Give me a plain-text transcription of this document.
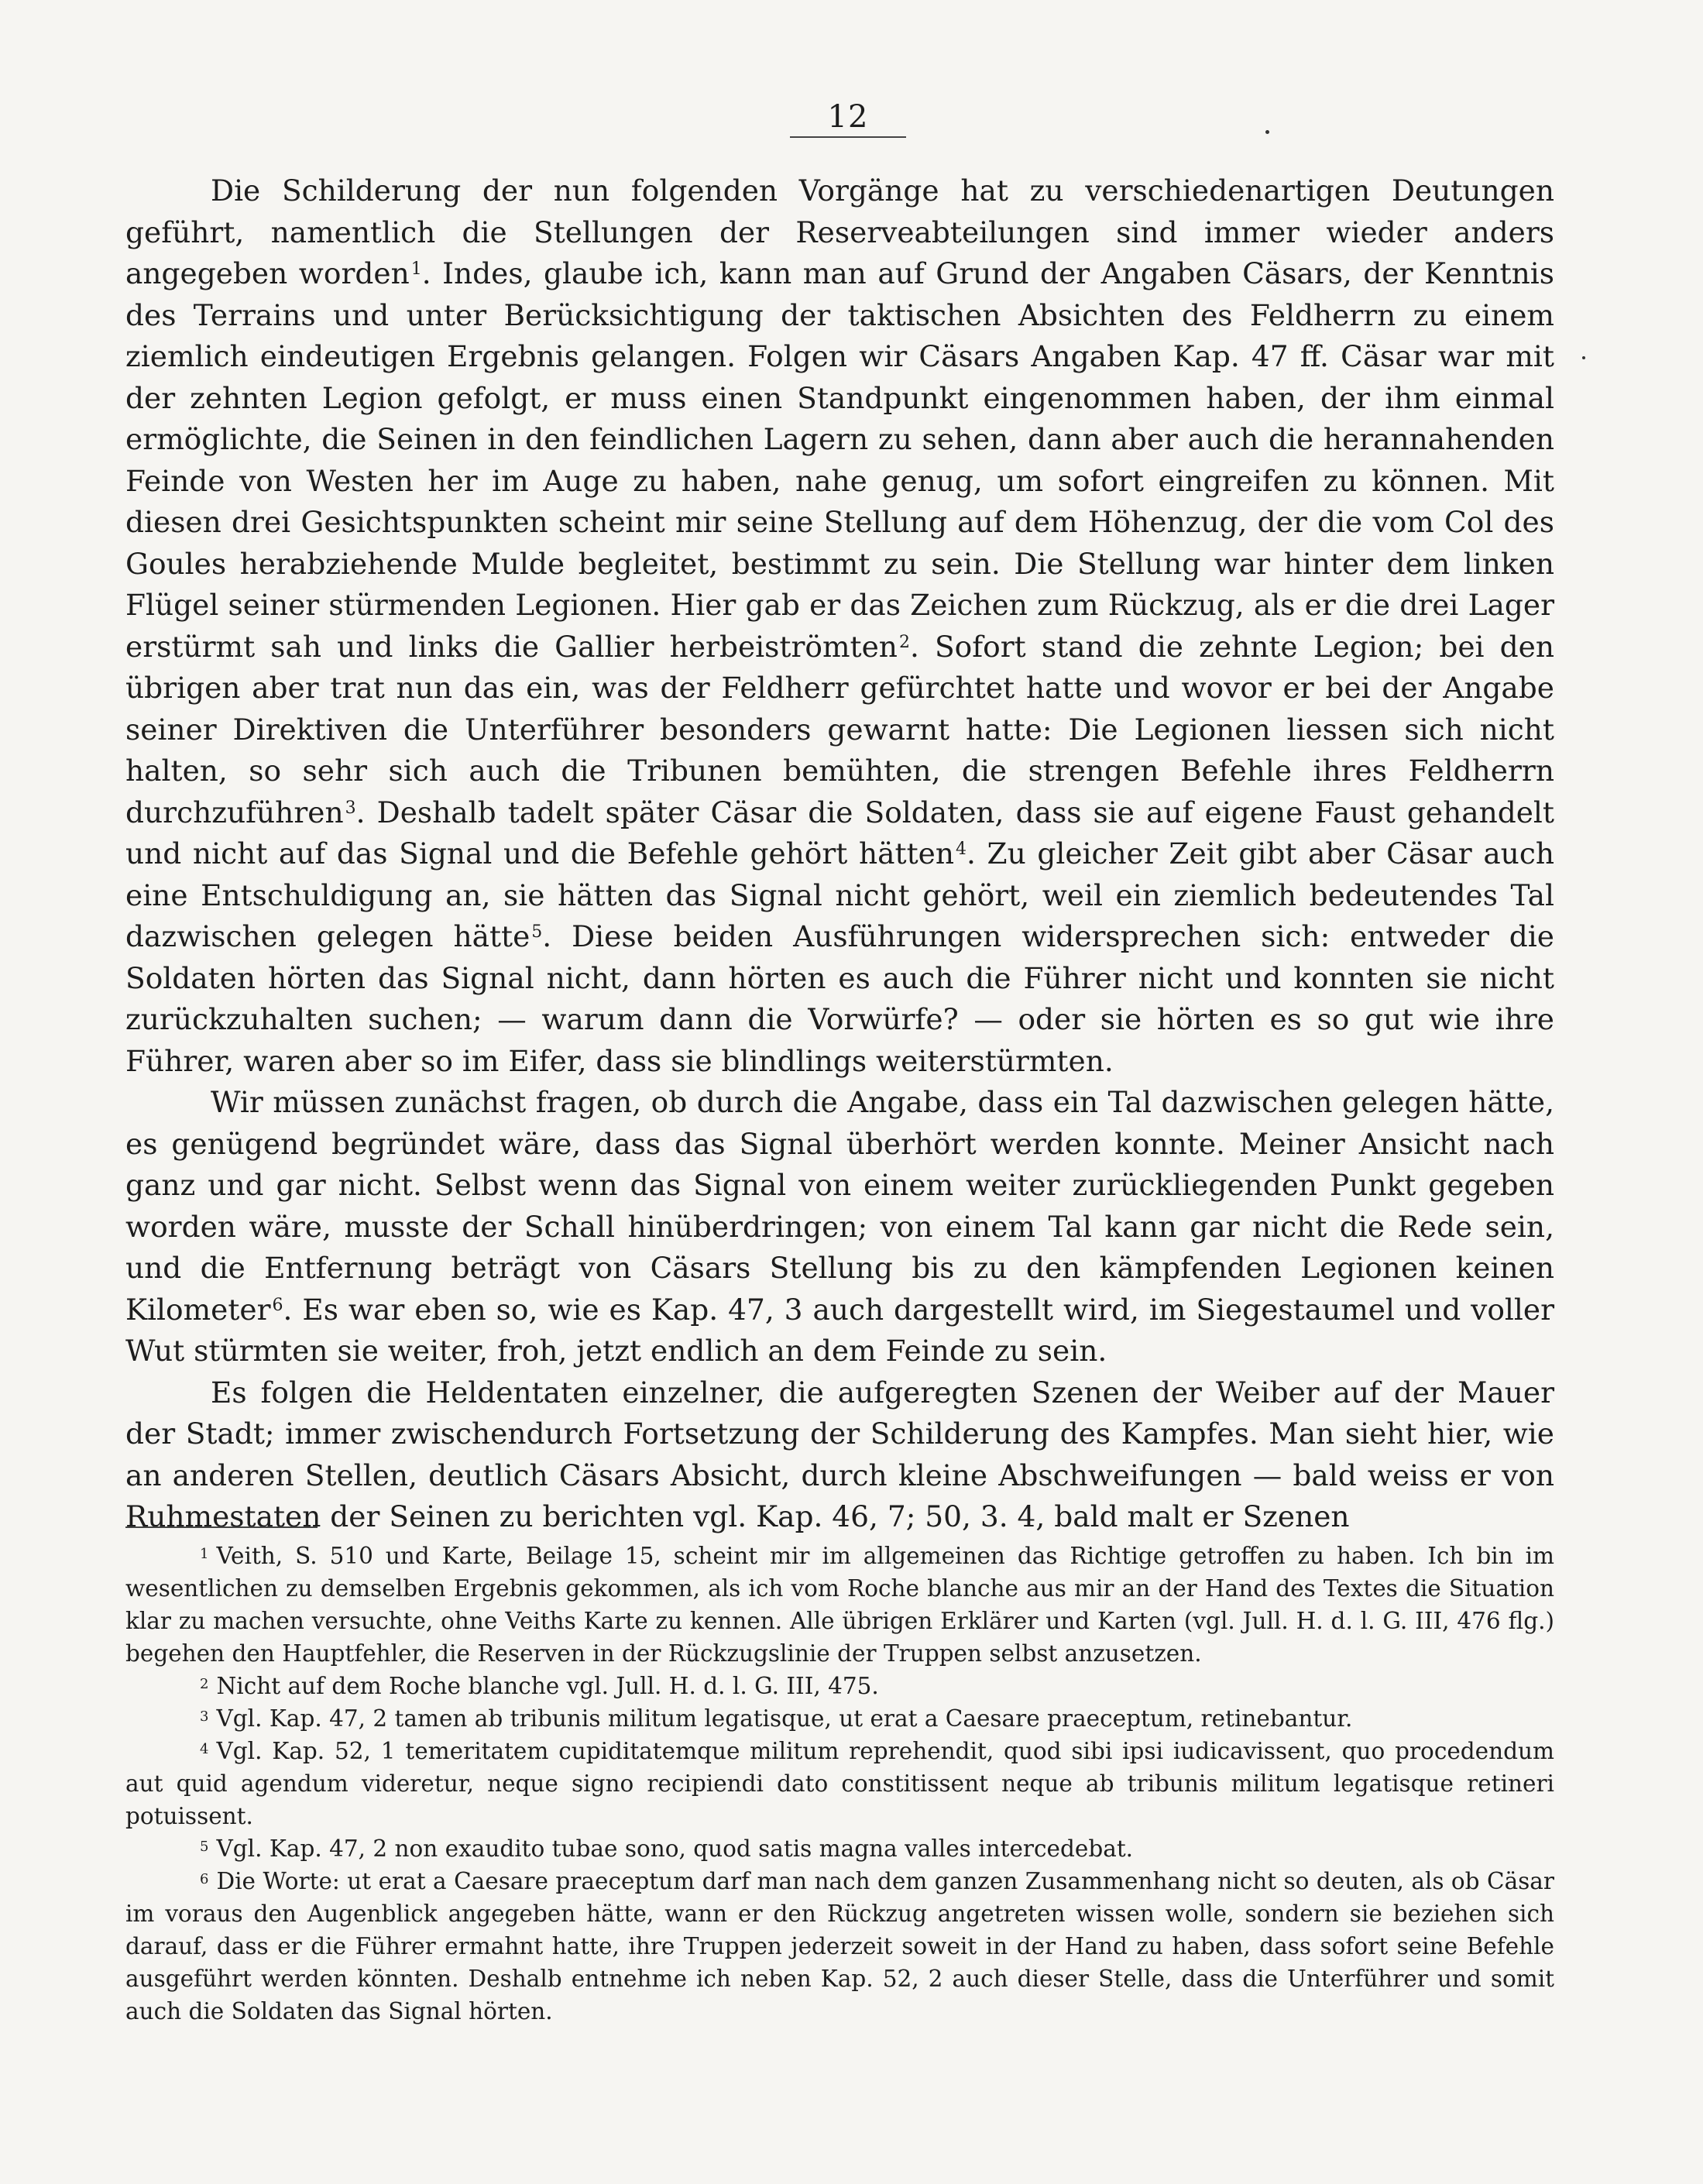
12

Die Schilderung der nun folgenden Vorgänge hat zu verschiedenartigen Deutungen geführt, namentlich die Stellungen der Reserveabteilungen sind immer wieder anders angegeben worden$^1$. Indes, glaube ich, kann man auf Grund der Angaben Cäsars, der Kenntnis des Terrains und unter Berücksichtigung der taktischen Absichten des Feldherrn zu einem ziemlich eindeutigen Ergebnis gelangen. Folgen wir Cäsars Angaben Kap. 47 ff. Cäsar war mit der zehnten Legion gefolgt, er muss einen Standpunkt eingenommen haben, der ihm einmal ermöglichte, die Seinen in den feindlichen Lagern zu sehen, dann aber auch die herannahenden Feinde von Westen her im Auge zu haben, nahe genug, um sofort eingreifen zu können. Mit diesen drei Gesichtspunkten scheint mir seine Stellung auf dem Höhenzug, der die vom Col des Goules herabziehende Mulde begleitet, bestimmt zu sein. Die Stellung war hinter dem linken Flügel seiner stürmenden Legionen. Hier gab er das Zeichen zum Rückzug, als er die drei Lager erstürmt sah und links die Gallier herbeiströmten$^2$. Sofort stand die zehnte Legion; bei den übrigen aber trat nun das ein, was der Feldherr gefürchtet hatte und wovor er bei der Angabe seiner Direktiven die Unterführer besonders gewarnt hatte: Die Legionen liessen sich nicht halten, so sehr sich auch die Tribunen bemühten, die strengen Befehle ihres Feldherrn durchzuführen$^3$. Deshalb tadelt später Cäsar die Soldaten, dass sie auf eigene Faust gehandelt und nicht auf das Signal und die Befehle gehört hätten$^4$. Zu gleicher Zeit gibt aber Cäsar auch eine Entschuldigung an, sie hätten das Signal nicht gehört, weil ein ziemlich bedeutendes Tal dazwischen gelegen hätte$^5$. Diese beiden Ausführungen widersprechen sich: entweder die Soldaten hörten das Signal nicht, dann hörten es auch die Führer nicht und konnten sie nicht zurückzuhalten suchen; — warum dann die Vorwürfe? — oder sie hörten es so gut wie ihre Führer, waren aber so im Eifer, dass sie blindlings weiterstürmten.

Wir müssen zunächst fragen, ob durch die Angabe, dass ein Tal dazwischen gelegen hätte, es genügend begründet wäre, dass das Signal überhört werden konnte. Meiner Ansicht nach ganz und gar nicht. Selbst wenn das Signal von einem weiter zurückliegenden Punkt gegeben worden wäre, musste der Schall hinüberdringen; von einem Tal kann gar nicht die Rede sein, und die Entfernung beträgt von Cäsars Stellung bis zu den kämpfenden Legionen keinen Kilometer$^6$. Es war eben so, wie es Kap. 47, 3 auch dargestellt wird, im Siegestaumel und voller Wut stürmten sie weiter, froh, jetzt endlich an dem Feinde zu sein.

Es folgen die Heldentaten einzelner, die aufgeregten Szenen der Weiber auf der Mauer der Stadt; immer zwischendurch Fortsetzung der Schilderung des Kampfes. Man sieht hier, wie an anderen Stellen, deutlich Cäsars Absicht, durch kleine Abschweifungen — bald weiss er von Ruhmestaten der Seinen zu berichten vgl. Kap. 46, 7; 50, 3. 4, bald malt er Szenen

$^1$ Veith, S. 510 und Karte, Beilage 15, scheint mir im allgemeinen das Richtige getroffen zu haben. Ich bin im wesentlichen zu demselben Ergebnis gekommen, als ich vom Roche blanche aus mir an der Hand des Textes die Situation klar zu machen versuchte, ohne Veiths Karte zu kennen. Alle übrigen Erklärer und Karten (vgl. Jull. H. d. l. G. III, 476 flg.) begehen den Hauptfehler, die Reserven in der Rückzugslinie der Truppen selbst anzusetzen.

$^2$ Nicht auf dem Roche blanche vgl. Jull. H. d. l. G. III, 475.

$^3$ Vgl. Kap. 47, 2 tamen ab tribunis militum legatisque, ut erat a Caesare praeceptum, retinebantur.

$^4$ Vgl. Kap. 52, 1 temeritatem cupiditatemque militum reprehendit, quod sibi ipsi iudicavissent, quo procedendum aut quid agendum videretur, neque signo recipiendi dato constitissent neque ab tribunis militum legatisque retineri potuissent.

$^5$ Vgl. Kap. 47, 2 non exaudito tubae sono, quod satis magna valles intercedebat.

$^6$ Die Worte: ut erat a Caesare praeceptum darf man nach dem ganzen Zusammenhang nicht so deuten, als ob Cäsar im voraus den Augenblick angegeben hätte, wann er den Rückzug angetreten wissen wolle, sondern sie beziehen sich darauf, dass er die Führer ermahnt hatte, ihre Truppen jederzeit soweit in der Hand zu haben, dass sofort seine Befehle ausgeführt werden könnten. Deshalb entnehme ich neben Kap. 52, 2 auch dieser Stelle, dass die Unterführer und somit auch die Soldaten das Signal hörten.
